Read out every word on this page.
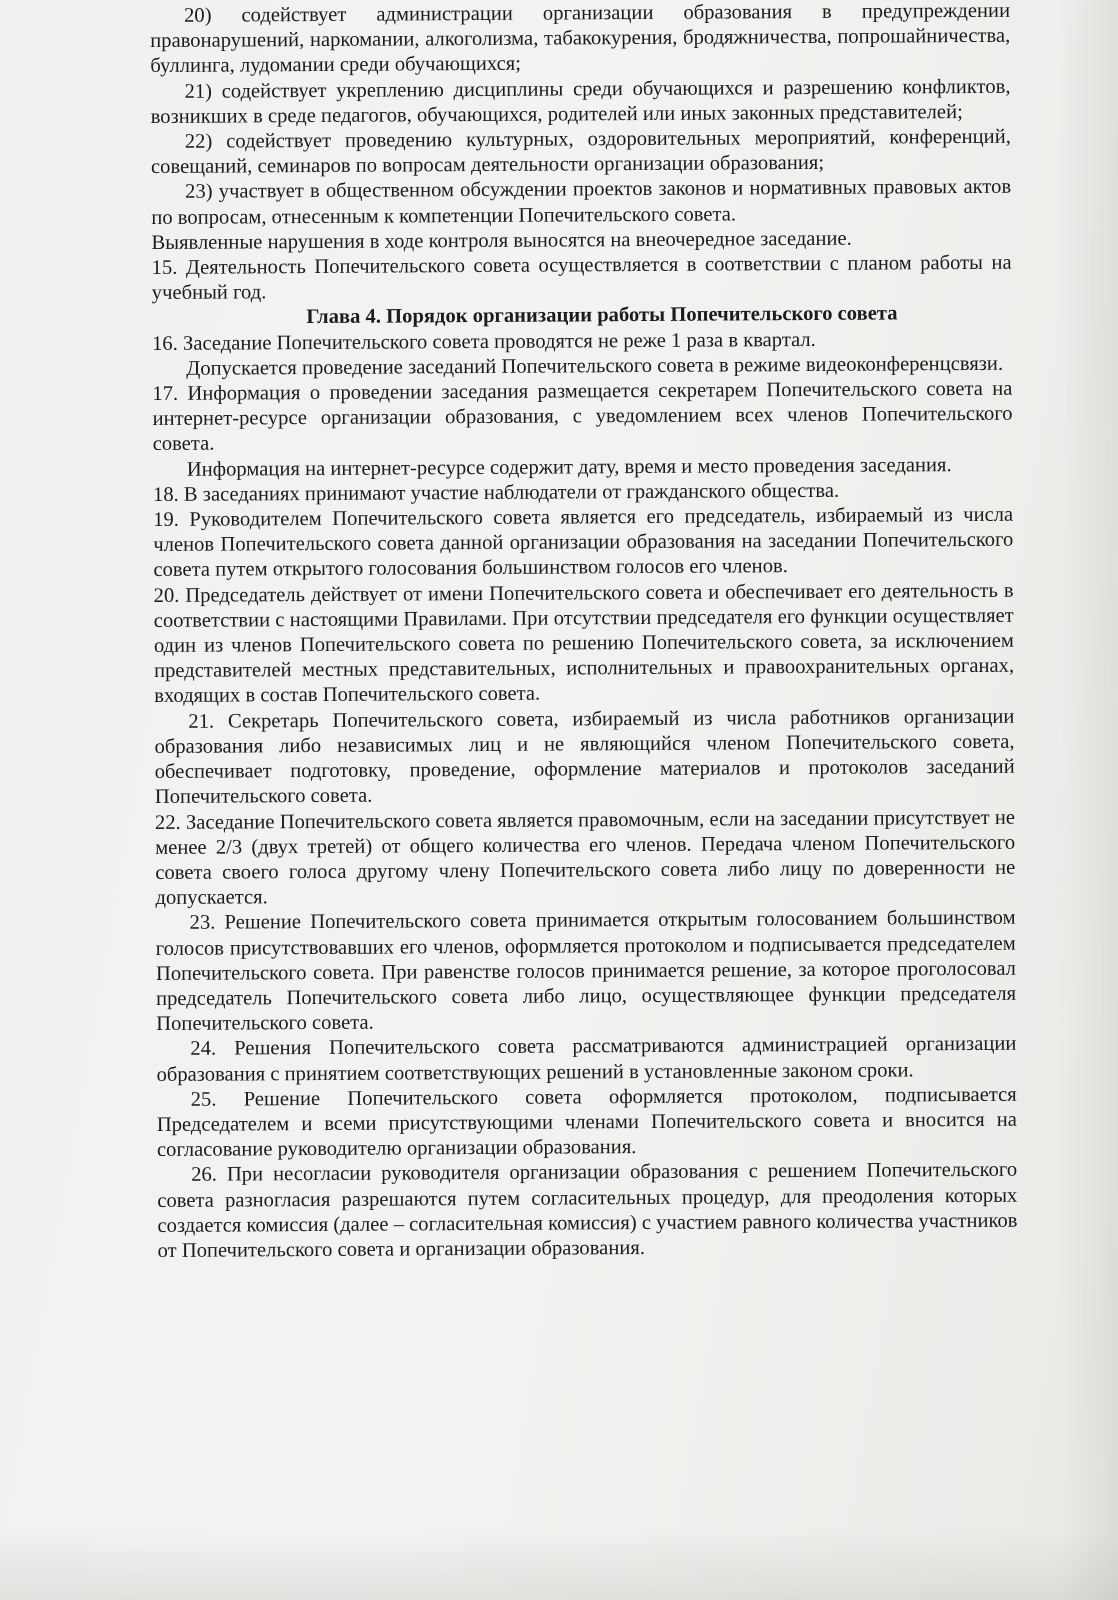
20) содействует администрации организации образования в предупреждении правонарушений, наркомании, алкоголизма, табакокурения, бродяжничества, попрошайничества, буллинга, лудомании среди обучающихся;

21) содействует укреплению дисциплины среди обучающихся и разрешению конфликтов, возникших в среде педагогов, обучающихся, родителей или иных законных представителей;

22) содействует проведению культурных, оздоровительных мероприятий, конференций, совещаний, семинаров по вопросам деятельности организации образования;

23) участвует в общественном обсуждении проектов законов и нормативных правовых актов по вопросам, отнесенным к компетенции Попечительского совета.

Выявленные нарушения в ходе контроля выносятся на внеочередное заседание.

15. Деятельность Попечительского совета осуществляется в соответствии с планом работы на учебный год.

Глава 4. Порядок организации работы Попечительского совета

16. Заседание Попечительского совета проводятся не реже 1 раза в квартал.

Допускается проведение заседаний Попечительского совета в режиме видеоконференцсвязи.

17. Информация о проведении заседания размещается секретарем Попечительского совета на интернет-ресурсе организации образования, с уведомлением всех членов Попечительского совета.

Информация на интернет-ресурсе содержит дату, время и место проведения заседания.

18. В заседаниях принимают участие наблюдатели от гражданского общества.

19. Руководителем Попечительского совета является его председатель, избираемый из числа членов Попечительского совета данной организации образования на заседании Попечительского совета путем открытого голосования большинством голосов его членов.

20. Председатель действует от имени Попечительского совета и обеспечивает его деятельность в соответствии с настоящими Правилами. При отсутствии председателя его функции осуществляет один из членов Попечительского совета по решению Попечительского совета, за исключением представителей местных представительных, исполнительных и правоохранительных органах, входящих в состав Попечительского совета.

21. Секретарь Попечительского совета, избираемый из числа работников организации образования либо независимых лиц и не являющийся членом Попечительского совета, обеспечивает подготовку, проведение, оформление материалов и протоколов заседаний Попечительского совета.

22. Заседание Попечительского совета является правомочным, если на заседании присутствует не менее 2/3 (двух третей) от общего количества его членов. Передача членом Попечительского совета своего голоса другому члену Попечительского совета либо лицу по доверенности не допускается.

23. Решение Попечительского совета принимается открытым голосованием большинством голосов присутствовавших его членов, оформляется протоколом и подписывается председателем Попечительского совета. При равенстве голосов принимается решение, за которое проголосовал председатель Попечительского совета либо лицо, осуществляющее функции председателя Попечительского совета.

24. Решения Попечительского совета рассматриваются администрацией организации образования с принятием соответствующих решений в установленные законом сроки.

25. Решение Попечительского совета оформляется протоколом, подписывается Председателем и всеми присутствующими членами Попечительского совета и вносится на согласование руководителю организации образования.

26. При несогласии руководителя организации образования с решением Попечительского совета разногласия разрешаются путем согласительных процедур, для преодоления которых создается комиссия (далее – согласительная комиссия) с участием равного количества участников от Попечительского совета и организации образования.
